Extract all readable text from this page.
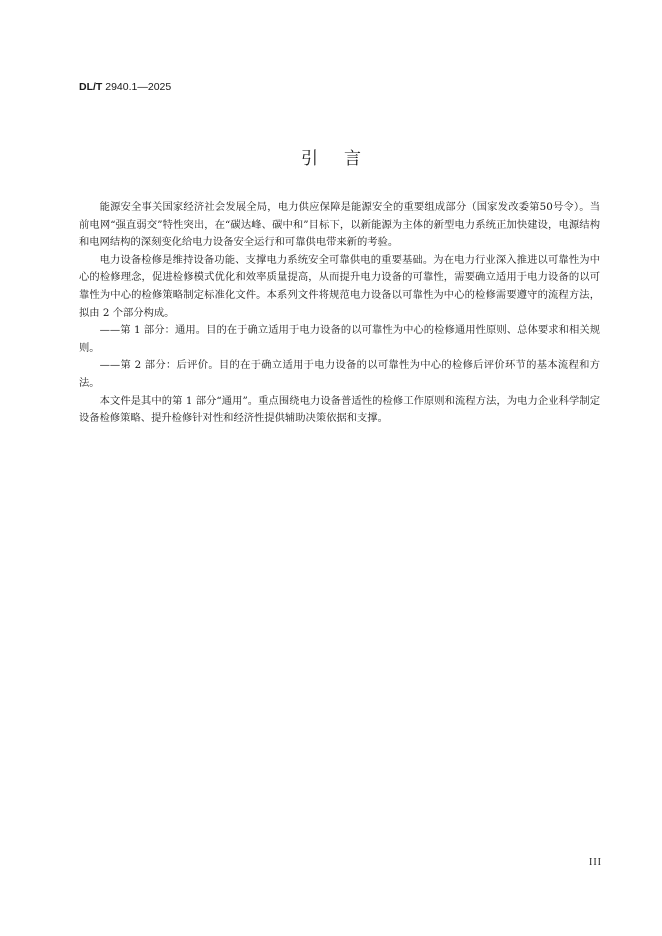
DL/T 2940.1—2025
引言

能源安全事关国家经济社会发展全局，电力供应保障是能源安全的重要组成部分（国家发改委第50号令）。当前电网“强直弱交”特性突出，在“碳达峰、碳中和”目标下，以新能源为主体的新型电力系统正加快建设，电源结构和电网结构的深刻变化给电力设备安全运行和可靠供电带来新的考验。

电力设备检修是维持设备功能、支撑电力系统安全可靠供电的重要基础。为在电力行业深入推进以可靠性为中心的检修理念，促进检修模式优化和效率质量提高，从而提升电力设备的可靠性，需要确立适用于电力设备的以可靠性为中心的检修策略制定标准化文件。本系列文件将规范电力设备以可靠性为中心的检修需要遵守的流程方法，拟由 2 个部分构成。

——第 1 部分：通用。目的在于确立适用于电力设备的以可靠性为中心的检修通用性原则、总体要求和相关规则。

——第 2 部分：后评价。目的在于确立适用于电力设备的以可靠性为中心的检修后评价环节的基本流程和方法。

本文件是其中的第 1 部分“通用”。重点围绕电力设备普适性的检修工作原则和流程方法，为电力企业科学制定设备检修策略、提升检修针对性和经济性提供辅助决策依据和支撑。

III
